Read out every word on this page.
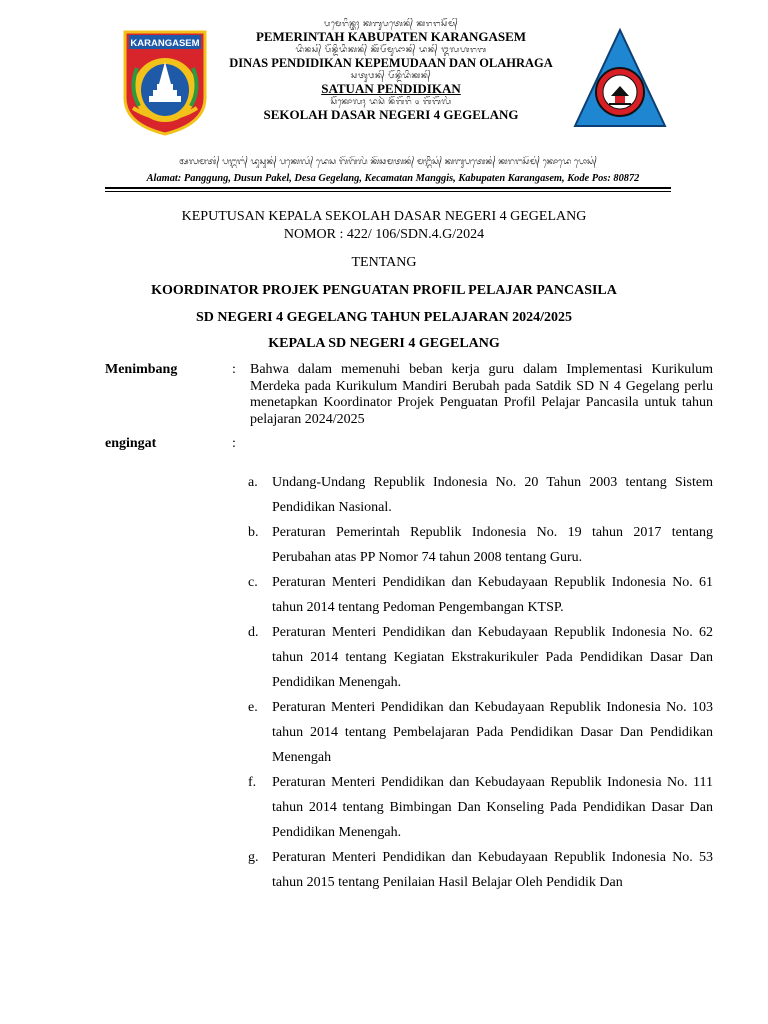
KARANGASEM
ᬧᬫᬾᬭᬶᬦ᭄ᬢᬄ ᬓᬩᬸᬧᬢᬾᬦ᭄ ᬓᬭᬗᬲᭂᬫ᭄
PEMERINTAH KABUPATEN KARANGASEM
ᬤᬶᬦᬲ᭄ ᬧᭂᬦ᭄ᬤᬶᬤᬶᬓᬦ᭄ ᬓᭂᬧᭂᬫᬸᬤᬵᬦ᭄ ᬤᬦ᭄ ᬑᬮᬳᬭᬕ
DINAS PENDIDIKAN KEPEMUDAAN DAN OLAHRAGA
ᬲᬢᬸᬯᬦ᭄ ᬧᭂᬦ᭄ᬤᬶᬤᬶᬓᬦ᭄
SATUAN PENDIDIKAN
ᬲᭂᬓᭀᬮᬄ ᬤᬲᬃ ᬦᭂᬕᭂᬭᬶ ᭔ ᬕᭂᬕᭂᬮᬂ
SEKOLAH DASAR NEGERI 4 GEGELANG
ᬅᬮᬫᬢ᭄ ᬧᬗ᭄ᬕᬸᬗ᭄ ᬤᬸᬲᬸᬦ᭄ ᬧᬓᬾᬮ᭄ ᬤᬾᬲ ᬕᭂᬕᭂᬮᬂ ᬓᭂᬘᬫᬢᬦ᭄ ᬫᬗ᭄ᬕᬶᬲ᭄ ᬓᬩᬸᬧᬢᬾᬦ᭄ ᬓᬭᬗᬲᭂᬫ᭄ ᬓᭀᬤᬾ ᬧᭀᬲ᭄
Alamat: Panggung, Dusun Pakel, Desa Gegelang, Kecamatan Manggis, Kabupaten Karangasem, Kode Pos: 80872
KEPUTUSAN KEPALA SEKOLAH DASAR NEGERI 4 GEGELANG
NOMOR : 422/ 106/SDN.4.G/2024
TENTANG
KOORDINATOR PROJEK PENGUATAN PROFIL PELAJAR PANCASILA
SD NEGERI 4 GEGELANG TAHUN PELAJARAN 2024/2025
KEPALA SD NEGERI 4 GEGELANG
Menimbang	: Bahwa dalam memenuhi beban kerja guru dalam Implementasi Kurikulum Merdeka pada Kurikulum Mandiri Berubah pada Satdik SD N 4 Gegelang perlu menetapkan Koordinator Projek Penguatan Profil Pelajar Pancasila untuk tahun pelajaran 2024/2025
engingat	:
a. Undang-Undang Republik Indonesia No. 20 Tahun 2003 tentang Sistem Pendidikan Nasional.
b. Peraturan Pemerintah Republik Indonesia No. 19 tahun 2017 tentang Perubahan atas PP Nomor 74 tahun 2008 tentang Guru.
c. Peraturan Menteri Pendidikan dan Kebudayaan Republik Indonesia No. 61 tahun 2014 tentang Pedoman Pengembangan KTSP.
d. Peraturan Menteri Pendidikan dan Kebudayaan Republik Indonesia No. 62 tahun 2014 tentang Kegiatan Ekstrakurikuler Pada Pendidikan Dasar Dan Pendidikan Menengah.
e. Peraturan Menteri Pendidikan dan Kebudayaan Republik Indonesia No. 103 tahun 2014 tentang Pembelajaran Pada Pendidikan Dasar Dan Pendidikan Menengah
f. Peraturan Menteri Pendidikan dan Kebudayaan Republik Indonesia No. 111 tahun 2014 tentang Bimbingan Dan Konseling Pada Pendidikan Dasar Dan Pendidikan Menengah.
g. Peraturan Menteri Pendidikan dan Kebudayaan Republik Indonesia No. 53 tahun 2015 tentang Penilaian Hasil Belajar Oleh Pendidik Dan
